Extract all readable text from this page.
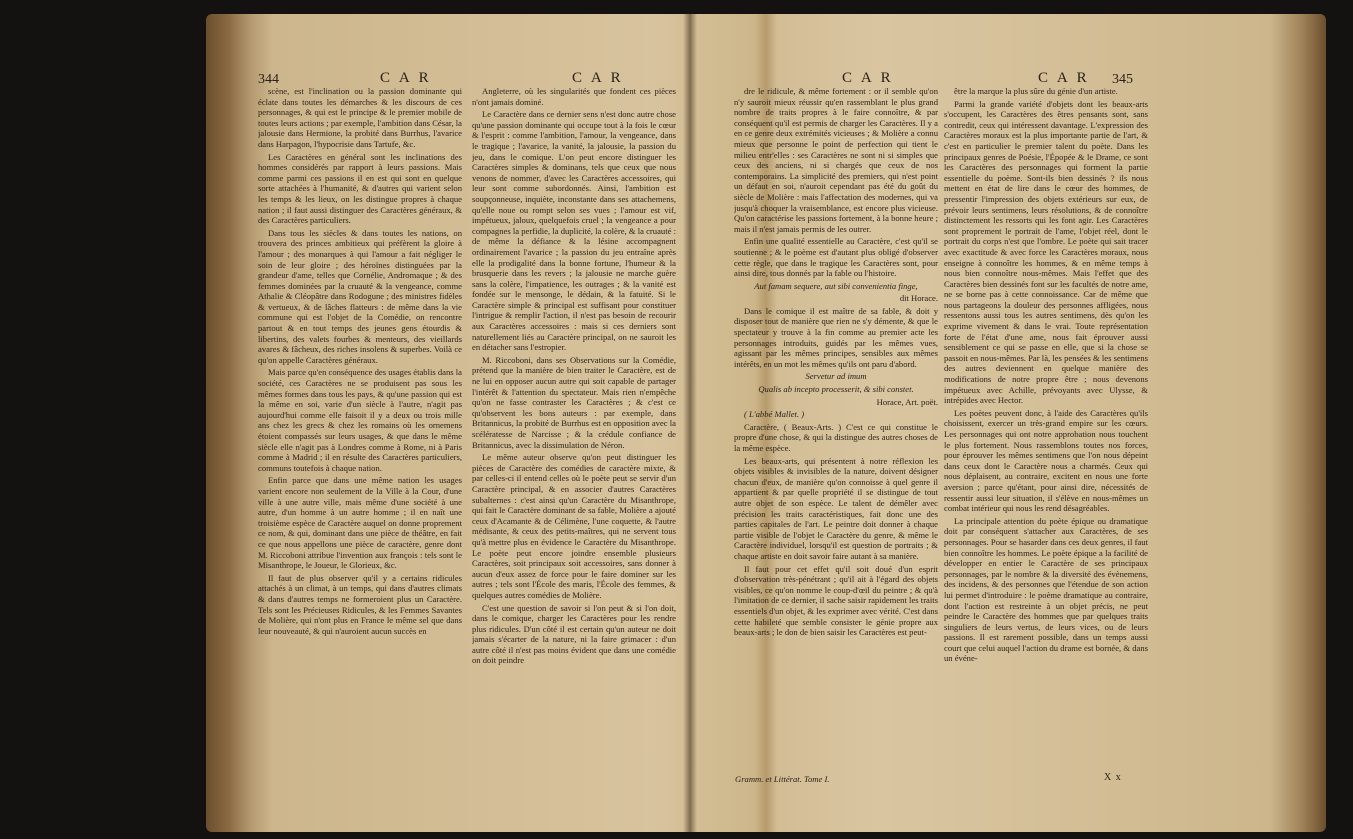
344	C A R	C A R

scène, est l'inclination ou la passion dominante qui éclate dans toutes les démarches & les discours de ces personnages, & qui est le principe & le premier mobile de toutes leurs actions ; par exemple, l'ambition dans César, la jalousie dans Hermione, la probité dans Burrhus, l'avarice dans Harpagon, l'hypocrisie dans Tartufe, &c.

Les Caractères en général sont les inclinations des hommes considérés par rapport à leurs passions. Mais comme parmi ces passions il en est qui sont en quelque sorte attachées à l'humanité, & d'autres qui varient selon les temps & les lieux, on les distingue propres à chaque nation ; il faut aussi distinguer des Caractères généraux, & des Caractères particuliers.

Dans tous les siècles & dans toutes les nations, on trouvera des princes ambitieux qui préfèrent la gloire à l'amour ; des monarques à qui l'amour a fait négliger le soin de leur gloire ; des héroïnes distinguées par la grandeur d'ame, telles que Cornélie, Andromaque ; & des femmes dominées par la cruauté & la vengeance, comme Athalie & Cléopâtre dans Rodogune ; des ministres fidèles & vertueux, & de lâches flatteurs : de même dans la vie commune qui est l'objet de la Comédie, on rencontre partout & en tout temps des jeunes gens étourdis & libertins, des valets fourbes & menteurs, des vieillards avares & fâcheux, des riches insolens & superbes. Voilà ce qu'on appelle Caractères généraux.

Mais parce qu'en conséquence des usages établis dans la société, ces Caractères ne se produisent pas sous les mêmes formes dans tous les pays, & qu'une passion qui est la même en soi, varie d'un siècle à l'autre, n'agit pas aujourd'hui comme elle faisoit il y a deux ou trois mille ans chez les grecs & chez les romains où les ornemens étoient compassés sur leurs usages, & que dans le même siècle elle n'agit pas à Londres comme à Rome, ni à Paris comme à Madrid ; il en résulte des Caractères particuliers, communs toutefois à chaque nation.

Enfin parce que dans une même nation les usages varient encore non seulement de la Ville à la Cour, d'une ville à une autre ville, mais même d'une société à une autre, d'un homme à un autre homme ; il en naît une troisième espèce de Caractère auquel on donne proprement ce nom, & qui, dominant dans une pièce de théâtre, en fait ce que nous appellons une pièce de caractère, genre dont M. Riccoboni attribue l'invention aux françois : tels sont le Misanthrope, le Joueur, le Glorieux, &c.

Il faut de plus observer qu'il y a certains ridicules attachés à un climat, à un temps, qui dans d'autres climats & dans d'autres temps ne formeroient plus un Caractère. Tels sont les Précieuses Ridicules, & les Femmes Savantes de Molière, qui n'ont plus en France le même sel que dans leur nouveauté, & qui n'auroient aucun succès en

Angleterre, où les singularités que fondent ces pièces n'ont jamais dominé.

Le Caractère dans ce dernier sens n'est donc autre chose qu'une passion dominante qui occupe tout à la fois le cœur & l'esprit : comme l'ambition, l'amour, la vengeance, dans le tragique ; l'avarice, la vanité, la jalousie, la passion du jeu, dans le comique. L'on peut encore distinguer les Caractères simples & dominans, tels que ceux que nous venons de nommer, d'avec les Caractères accessoires, qui leur sont comme subordonnés. Ainsi, l'ambition est soupçonneuse, inquiète, inconstante dans ses attachemens, qu'elle noue ou rompt selon ses vues ; l'amour est vif, impétueux, jaloux, quelquefois cruel ; la vengeance a pour compagnes la perfidie, la duplicité, la colère, & la cruauté : de même la défiance & la lésine accompagnent ordinairement l'avarice ; la passion du jeu entraîne après elle la prodigalité dans la bonne fortune, l'humeur & la brusquerie dans les revers ; la jalousie ne marche guère sans la colère, l'impatience, les outrages ; & la vanité est fondée sur le mensonge, le dédain, & la fatuité. Si le Caractère simple & principal est suffisant pour constituer l'intrigue & remplir l'action, il n'est pas besoin de recourir aux Caractères accessoires : mais si ces derniers sont naturellement liés au Caractère principal, on ne sauroit les en détacher sans l'estropier.

M. Riccoboni, dans ses Observations sur la Comédie, prétend que la manière de bien traiter le Caractère, est de ne lui en opposer aucun autre qui soit capable de partager l'intérêt & l'attention du spectateur. Mais rien n'empêche qu'on ne fasse contraster les Caractères ; & c'est ce qu'observent les bons auteurs : par exemple, dans Britannicus, la probité de Burrhus est en opposition avec la scélératesse de Narcisse ; & la crédule confiance de Britannicus, avec la dissimulation de Néron.

Le même auteur observe qu'on peut distinguer les pièces de Caractère des comédies de caractère mixte, & par celles-ci il entend celles où le poète peut se servir d'un Caractère principal, & en associer d'autres Caractères subalternes : c'est ainsi qu'un Caractère du Misanthrope, qui fait le Caractère dominant de sa fable, Molière a ajouté ceux d'Acamante & de Célimène, l'une coquette, & l'autre médisante, & ceux des petits-maîtres, qui ne servent tous qu'à mettre plus en évidence le Caractère du Misanthrope. Le poète peut encore joindre ensemble plusieurs Caractères, soit principaux soit accessoires, sans donner à aucun d'eux assez de force pour le faire dominer sur les autres ; tels sont l'École des maris, l'École des femmes, & quelques autres comédies de Molière.

C'est une question de savoir si l'on peut & si l'on doit, dans le comique, charger les Caractères pour les rendre plus ridicules. D'un côté il est certain qu'un auteur ne doit jamais s'écarter de la nature, ni la faire grimacer : d'un autre côté il n'est pas moins évident que dans une comédie on doit peindre

C A R	C A R 345

dre le ridicule, & même fortement : or il semble qu'on n'y sauroit mieux réussir qu'en rassemblant le plus grand nombre de traits propres à le faire connoître, & par conséquent qu'il est permis de charger les Caractères. Il y a en ce genre deux extrémités vicieuses ; & Molière a connu mieux que personne le point de perfection qui tient le milieu entr'elles : ses Caractères ne sont ni si simples que ceux des anciens, ni si chargés que ceux de nos contemporains. La simplicité des premiers, qui n'est point un défaut en soi, n'auroit cependant pas été du goût du siècle de Molière : mais l'affectation des modernes, qui va jusqu'à choquer la vraisemblance, est encore plus vicieuse. Qu'on caractérise les passions fortement, à la bonne heure ; mais il n'est jamais permis de les outrer.

Enfin une qualité essentielle au Caractère, c'est qu'il se soutienne ; & le poème est d'autant plus obligé d'observer cette règle, que dans le tragique les Caractères sont, pour ainsi dire, tous donnés par la fable ou l'histoire.

Aut famam sequere, aut sibi convenientia finge,

dit Horace.

Dans le comique il est maître de sa fable, & doit y disposer tout de manière que rien ne s'y démente, & que le spectateur y trouve à la fin comme au premier acte les personnages introduits, guidés par les mêmes vues, agissant par les mêmes principes, sensibles aux mêmes intérêts, en un mot les mêmes qu'ils ont paru d'abord.

Servetur ad imum

Qualis ab incepto processerit, & sibi constet.

Horace, Art. poët.

( L'abbé Mallet. )

Caractère, ( Beaux-Arts. ) C'est ce qui constitue le propre d'une chose, & qui la distingue des autres choses de la même espèce.

Les beaux-arts, qui présentent à notre réflexion les objets visibles & invisibles de la nature, doivent désigner chacun d'eux, de manière qu'on connoisse à quel genre il appartient & par quelle propriété il se distingue de tout autre objet de son espèce. Le talent de démêler avec précision les traits caractéristiques, fait donc une des parties capitales de l'art. Le peintre doit donner à chaque partie visible de l'objet le Caractère du genre, & même le Caractère individuel, lorsqu'il est question de portraits ; & chaque artiste en doit savoir faire autant à sa manière.

Il faut pour cet effet qu'il soit doué d'un esprit d'observation très-pénétrant ; qu'il ait à l'égard des objets visibles, ce qu'on nomme le coup-d'œil du peintre ; & qu'à l'imitation de ce dernier, il sache saisir rapidement les traits essentiels d'un objet, & les exprimer avec vérité. C'est dans cette habileté que semble consister le génie propre aux beaux-arts ; le don de bien saisir les Caractères est peut-

être la marque la plus sûre du génie d'un artiste.

Parmi la grande variété d'objets dont les beaux-arts s'occupent, les Caractères des êtres pensants sont, sans contredit, ceux qui intéressent davantage. L'expression des Caractères moraux est la plus importante partie de l'art, & c'est en particulier le premier talent du poète. Dans les principaux genres de Poésie, l'Épopée & le Drame, ce sont les Caractères des personnages qui forment la partie essentielle du poème. Sont-ils bien dessinés ? ils nous mettent en état de lire dans le cœur des hommes, de pressentir l'impression des objets extérieurs sur eux, de prévoir leurs sentimens, leurs résolutions, & de connoître distinctement les ressorts qui les font agir. Les Caractères sont proprement le portrait de l'ame, l'objet réel, dont le portrait du corps n'est que l'ombre. Le poète qui sait tracer avec exactitude & avec force les Caractères moraux, nous enseigne à connoître les hommes, & en même temps à nous bien connoître nous-mêmes. Mais l'effet que des Caractères bien dessinés font sur les facultés de notre ame, ne se borne pas à cette connoissance. Car de même que nous partageons la douleur des personnes affligées, nous ressentons aussi tous les autres sentimens, dès qu'on les exprime vivement & dans le vrai. Toute représentation forte de l'état d'une ame, nous fait éprouver aussi sensiblement ce qui se passe en elle, que si la chose se passoit en nous-mêmes. Par là, les pensées & les sentimens des autres deviennent en quelque manière des modifications de notre propre être ; nous devenons impétueux avec Achille, prévoyants avec Ulysse, & intrépides avec Hector.

Les poètes peuvent donc, à l'aide des Caractères qu'ils choisissent, exercer un très-grand empire sur les cœurs. Les personnages qui ont notre approbation nous touchent le plus fortement. Nous rassemblons toutes nos forces, pour éprouver les mêmes sentimens que l'on nous dépeint dans ceux dont le Caractère nous a charmés. Ceux qui nous déplaisent, au contraire, excitent en nous une forte aversion ; parce qu'étant, pour ainsi dire, nécessités de ressentir aussi leur situation, il s'élève en nous-mêmes un combat intérieur qui nous les rend désagréables.

La principale attention du poète épique ou dramatique doit par conséquent s'attacher aux Caractères, de ses personnages. Pour se hasarder dans ces deux genres, il faut bien connoître les hommes. Le poète épique a la facilité de développer en entier le Caractère de ses principaux personnages, par le nombre & la diversité des évènemens, des incidens, & des personnes que l'étendue de son action lui permet d'introduire : le poème dramatique au contraire, dont l'action est restreinte à un objet précis, ne peut peindre le Caractère des hommes que par quelques traits singuliers de leurs vertus, de leurs vices, ou de leurs passions. Il est rarement possible, dans un temps aussi court que celui auquel l'action du drame est bornée, & dans un événe-

Gramm. et Littérat. Tome I.	X x
